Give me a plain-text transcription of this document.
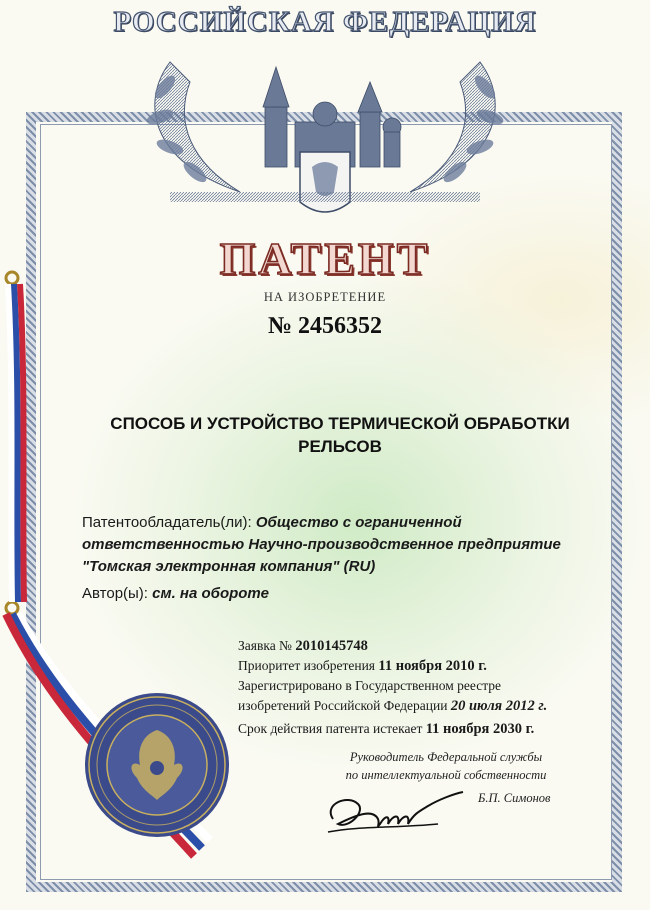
РОССИЙСКАЯ ФЕДЕРАЦИЯ
ПАТЕНТ
НА ИЗОБРЕТЕНИЕ
№ 2456352
СПОСОБ И УСТРОЙСТВО ТЕРМИЧЕСКОЙ ОБРАБОТКИ РЕЛЬСОВ
Патентообладатель(ли): Общество с ограниченной
ответственностью Научно-производственное предприятие
"Томская электронная компания" (RU)
Автор(ы): см. на обороте
Заявка № 2010145748
Приоритет изобретения 11 ноября 2010 г.
Зарегистрировано в Государственном реестре
изобретений Российской Федерации 20 июля 2012 г.
Срок действия патента истекает 11 ноября 2030 г.
Руководитель Федеральной службы
по интеллектуальной собственности
Б.П. Симонов
